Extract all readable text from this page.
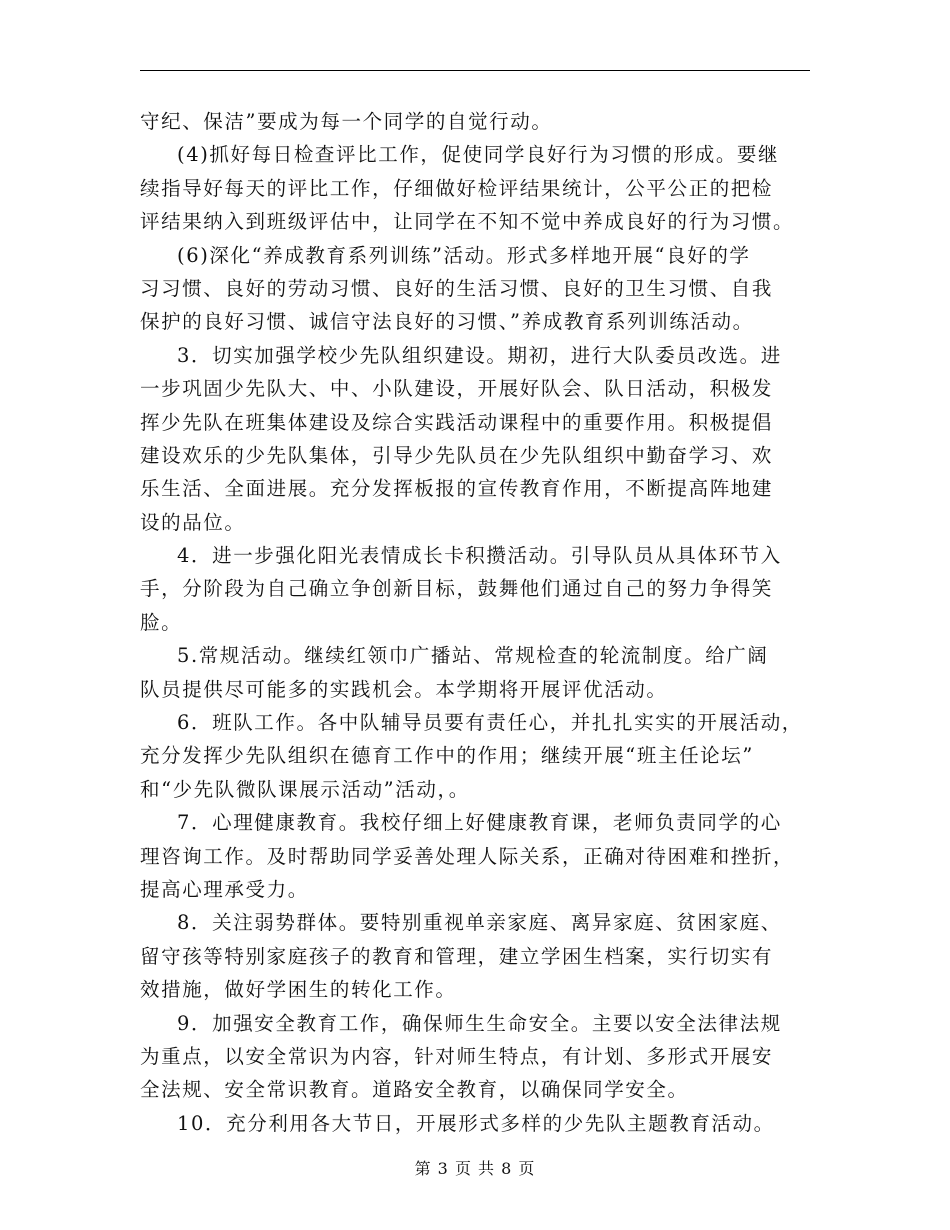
守纪、保洁”要成为每一个同学的自觉行动。
(4)抓好每日检查评比工作，促使同学良好行为习惯的形成。要继
续指导好每天的评比工作，仔细做好检评结果统计，公平公正的把检
评结果纳入到班级评估中，让同学在不知不觉中养成良好的行为习惯。
(6)深化“养成教育系列训练”活动。形式多样地开展“良好的学
习习惯、良好的劳动习惯、良好的生活习惯、良好的卫生习惯、自我
保护的良好习惯、诚信守法良好的习惯、”养成教育系列训练活动。
3．切实加强学校少先队组织建设。期初，进行大队委员改选。进
一步巩固少先队大、中、小队建设，开展好队会、队日活动，积极发
挥少先队在班集体建设及综合实践活动课程中的重要作用。积极提倡
建设欢乐的少先队集体，引导少先队员在少先队组织中勤奋学习、欢
乐生活、全面进展。充分发挥板报的宣传教育作用，不断提高阵地建
设的品位。
4．进一步强化阳光表情成长卡积攒活动。引导队员从具体环节入
手，分阶段为自己确立争创新目标，鼓舞他们通过自己的努力争得笑
脸。
5.常规活动。继续红领巾广播站、常规检查的轮流制度。给广阔
队员提供尽可能多的实践机会。本学期将开展评优活动。
6．班队工作。各中队辅导员要有责任心，并扎扎实实的开展活动，
充分发挥少先队组织在德育工作中的作用；继续开展“班主任论坛”
和“少先队微队课展示活动”活动，。
7．心理健康教育。我校仔细上好健康教育课，老师负责同学的心
理咨询工作。及时帮助同学妥善处理人际关系，正确对待困难和挫折，
提高心理承受力。
8．关注弱势群体。要特别重视单亲家庭、离异家庭、贫困家庭、
留守孩等特别家庭孩子的教育和管理，建立学困生档案，实行切实有
效措施，做好学困生的转化工作。
9．加强安全教育工作，确保师生生命安全。主要以安全法律法规
为重点，以安全常识为内容，针对师生特点，有计划、多形式开展安
全法规、安全常识教育。道路安全教育，以确保同学安全。
10．充分利用各大节日，开展形式多样的少先队主题教育活动。
第 3 页 共 8 页
